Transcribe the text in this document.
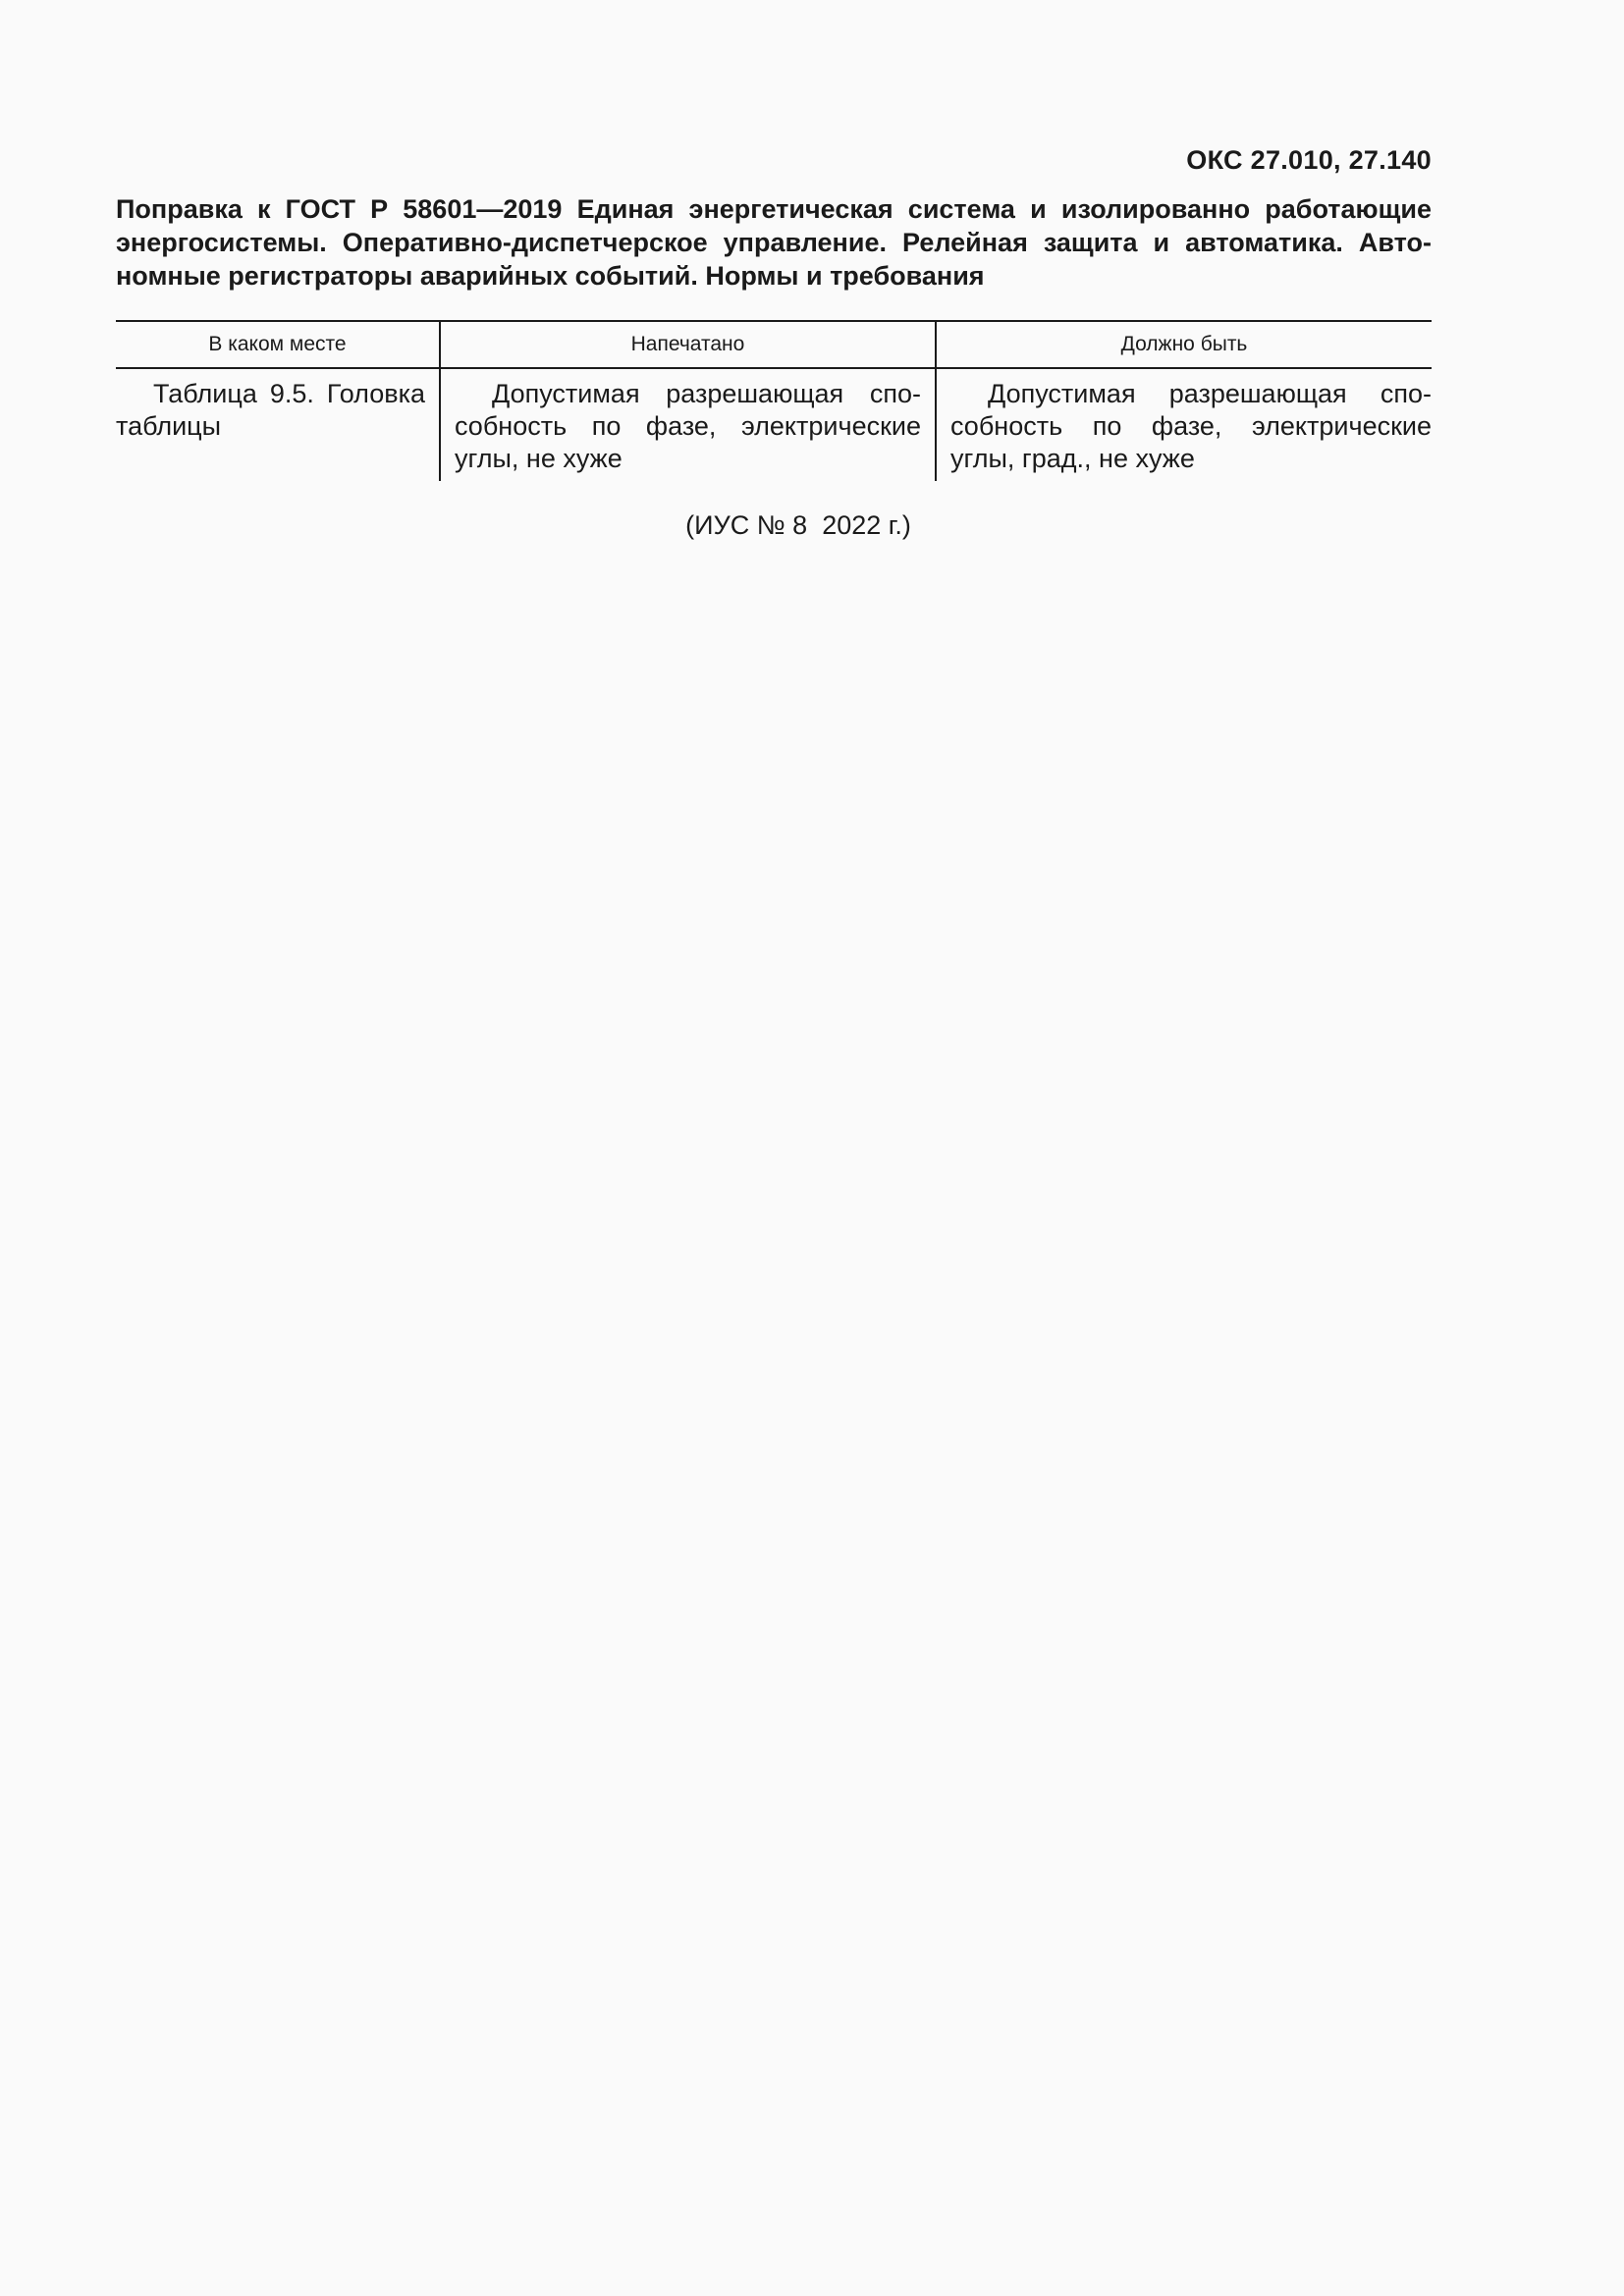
ОКС 27.010, 27.140

Поправка к ГОСТ Р 58601—2019 Единая энергетическая система и изолированно работающие энергосистемы. Оперативно-диспетчерское управление. Релейная защита и автоматика. Автономные регистраторы аварийных событий. Нормы и требования

В каком месте	Напечатано	Должно быть
Таблица 9.5. Головка таблицы	Допустимая разрешающая способность по фазе, электрические углы, не хуже	Допустимая разрешающая способность по фазе, электрические углы, град., не хуже
(ИУС № 8  2022 г.)
